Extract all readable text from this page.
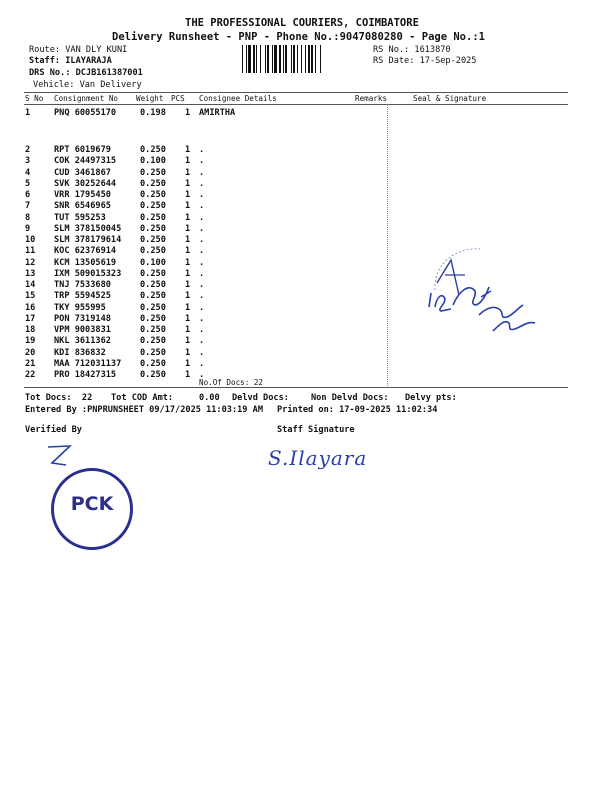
THE PROFESSIONAL COURIERS, COIMBATORE
Delivery Runsheet - PNP - Phone No.:9047080280 - Page No.:1
Route: VAN DLY KUNI
Staff: ILAYARAJA
DRS No.: DCJB161387001
Vehicle: Van Delivery
RS No.: 1613870
RS Date: 17-Sep-2025
S No Consignment No Weight PCS Consignee Details	Remarks	Seal & Signature
1	PNQ 60055170	0.198 1 AMIRTHA
2	RPT 6019679	0.250 1 .
3	COK 24497315	0.100 1 .
4	CUD 3461867	0.250 1 .
5	SVK 30252644	0.250 1 .
6	VRR 1795450	0.250 1 .
7	SNR 6546965	0.250 1 .
8	TUT 595253	0.250 1 .
9	SLM 378150045 0.250 1 .
10 SLM 378179614 0.250 1 .
11 KOC 62376914	0.250 1 .
12 KCM 13505619	0.100 1 .
13 IXM 509015323 0.250 1 .
14 TNJ 7533680	0.250 1 .
15 TRP 5594525	0.250 1 .
16 TKY 955995	0.250 1 .
17 PON 7319148	0.250 1 .
18 VPM 9003831	0.250 1 .
19 NKL 3611362	0.250 1 .
20 KDI 836832	0.250 1 .
21 MAA 712031137 0.250 1 .
22 PRO 18427315	0.250 1 .
No.Of Docs: 22
Tot Docs:  22 Tot COD Amt:     0.00 Delvd Docs:	Non Delvd Docs: Delvy pts:
Entered By :PNPRUNSHEET 09/17/2025 11:03:19 AM Printed on: 17-09-2025 11:02:34
Verified By	Staff Signature
PCK
S.Ilayara
